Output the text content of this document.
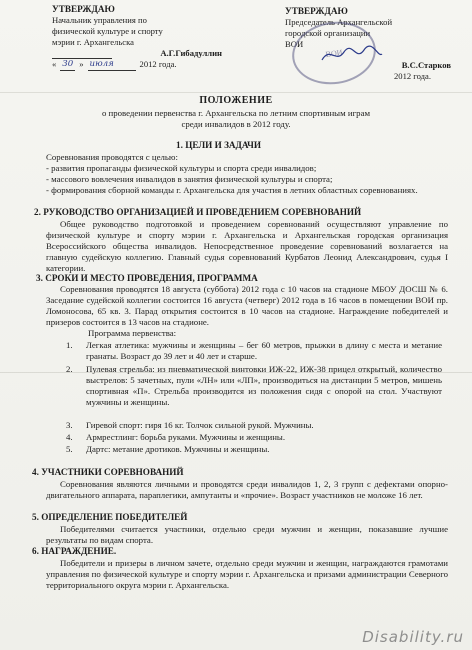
УТВЕРЖДАЮ
Начальник управления по
физической культуре и спорту
мэрии г. Архангельска
А.Г.Гибадуллин
« 30 » июля	2012 года.
УТВЕРЖДАЮ
Председатель Архангельской
городской организации
ВОИ
В.С.Старков
2012 года.
ВОИ
ПОЛОЖЕНИЕ
о проведении первенства г. Архангельска по летним спортивным играм
среди инвалидов в 2012 году.
1. ЦЕЛИ И ЗАДАЧИ
Соревнования проводятся с целью:
- развития пропаганды физической культуры и спорта среди инвалидов;
- массового вовлечения инвалидов в занятия физической культуры и спорта;
- формирования сборной команды г. Архангельска для участия в летних областных соревнованиях.
2. РУКОВОДСТВО ОРГАНИЗАЦИЕЙ И ПРОВЕДЕНИЕМ СОРЕВНОВАНИЙ
Общее руководство подготовкой и проведением соревнований осуществляют управление по физической культуре и спорту мэрии г. Архангельска и Архангельская городская организация Всероссийского общества инвалидов. Непосредственное проведение соревнований возлагается на главную судейскую коллегию. Главный судья соревнований Курбатов Леонид Александрович, судья I категории.
3. СРОКИ И МЕСТО ПРОВЕДЕНИЯ, ПРОГРАММА
Соревнования проводятся 18 августа (суббота) 2012 года с 10 часов на стадионе МБОУ ДОСШ № 6. Заседание судейской коллегии состоится 16 августа (четверг) 2012 года в 16 часов в помещении ВОИ пр. Ломоносова, 65 кв. 3. Парад открытия состоится в 10 часов на стадионе. Награждение победителей и призеров состоится в 13 часов на стадионе.
Программа первенства:
1. Легкая атлетика: мужчины и женщины – бег 60 метров, прыжки в длину с места и метание гранаты. Возраст до 39 лет и 40 лет и старше.
2. Пулевая стрельба: из пневматической винтовки ИЖ-22, ИЖ-38 прицел открытый, количество выстрелов: 5 зачетных, пули «ЛН» или «ЛП», производиться на дистанции 5 метров, мишень спортивная «П». Стрельба производится из положения сидя с опорой на стол. Участвуют мужчины и женщины.
3. Гиревой спорт: гиря 16 кг. Толчок сильной рукой. Мужчины.
4. Армрестлинг: борьба руками. Мужчины и женщины.
5. Дартс: метание дротиков. Мужчины и женщины.
4. УЧАСТНИКИ СОРЕВНОВАНИЙ
Соревнования являются личными и проводятся среди инвалидов 1, 2, 3 групп с дефектами опорно-двигательного аппарата, параплегики, ампутанты и «прочие». Возраст участников не моложе 16 лет.
5. ОПРЕДЕЛЕНИЕ ПОБЕДИТЕЛЕЙ
Победителями считается участники, отдельно среди мужчин и женщин, показавшие лучшие результаты по видам спорта.
6. НАГРАЖДЕНИЕ.
Победители и призеры в личном зачете, отдельно среди мужчин и женщин, награждаются грамотами управления по физической культуре и спорту мэрии г. Архангельска и призами администрации Северного территориального округа мэрии г. Архангельска.
Disability.ru
